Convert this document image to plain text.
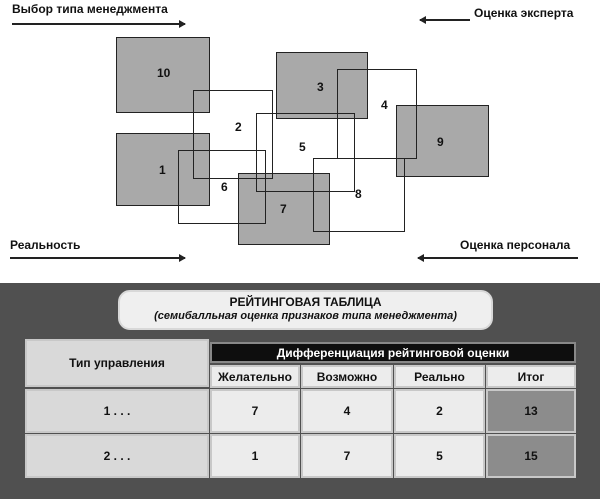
Выбор типа менеджмента	Оценка эксперта
Реальность	Оценка персонала
10
1
3
9
7
2
4
5
6	8
РЕЙТИНГОВАЯ ТАБЛИЦА
(семибалльная оценка признаков типа менеджмента)
Тип управления
Дифференциация рейтинговой оценки
Желательно	Возможно	Реально	Итог
1 . . .	7	4	2	13
2 . . .	1	7	5	15
